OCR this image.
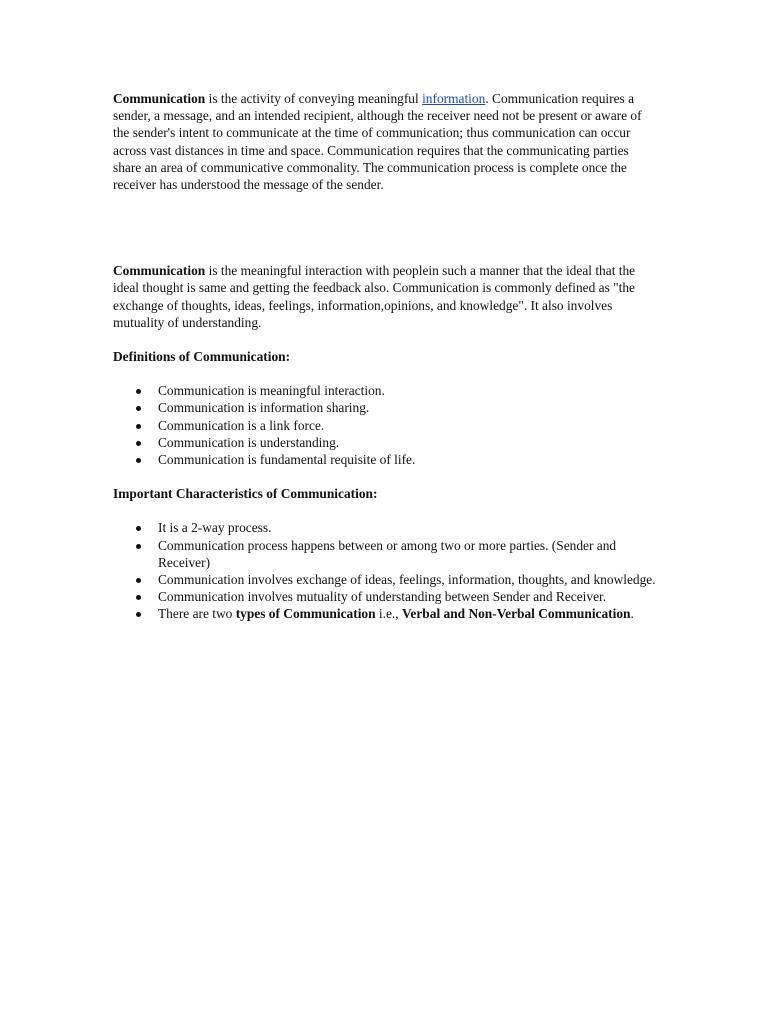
Communication is the activity of conveying meaningful information. Communication requires a sender, a message, and an intended recipient, although the receiver need not be present or aware of the sender's intent to communicate at the time of communication; thus communication can occur across vast distances in time and space. Communication requires that the communicating parties share an area of communicative commonality. The communication process is complete once the receiver has understood the message of the sender.

Communication is the meaningful interaction with peoplein such a manner that the ideal that the ideal thought is same and getting the feedback also. Communication is commonly defined as "the exchange of thoughts, ideas, feelings, information,opinions, and knowledge". It also involves mutuality of understanding.

Definitions of Communication:

Communication is meaningful interaction.
Communication is information sharing.
Communication is a link force.
Communication is understanding.
Communication is fundamental requisite of life.

Important Characteristics of Communication:

It is a 2-way process.
Communication process happens between or among two or more parties. (Sender and Receiver)
Communication involves exchange of ideas, feelings, information, thoughts, and knowledge.
Communication involves mutuality of understanding between Sender and Receiver.
There are two types of Communication i.e., Verbal and Non-Verbal Communication.
